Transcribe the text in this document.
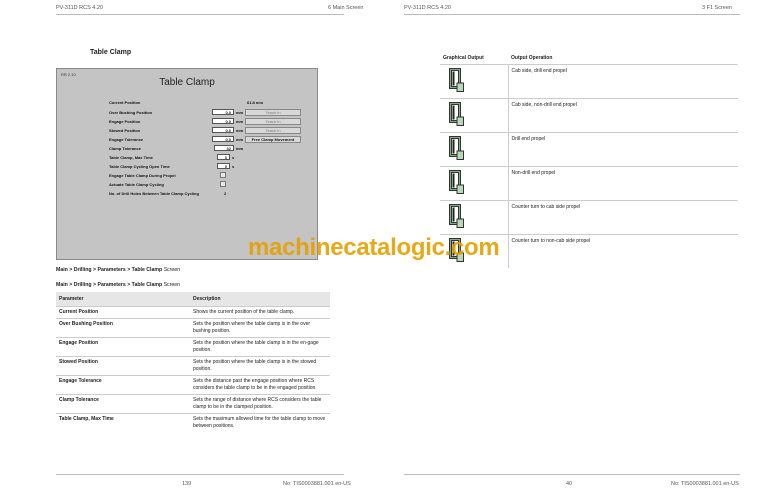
PV-311D RCS 4.20	6 Main Screen	PV-311D RCS 4.20	3 F1 Screen
Table Clamp
RR 2.10
Table Clamp
Current Position	61.8 mm
Over Bushing Position	0.0	mm	Teach In
Engage Position	0.0	mm	Teach In
Stowed Position	0.0	mm	Teach In
Engage Tolerance	0.0	mm	Free Clamp Movement
Clamp Tolerance	32	mm
Table Clamp, Max Time	0	s
Table Clamp Cycling Open Time	0	s
Engage Table Clamp During Propel
Actuate Table Clamp Cycling
No. of Drill Holes Between Table Clamp Cycling	2
Main > Drilling > Parameters > Table Clamp Screen
Main > Drilling > Parameters > Table Clamp Screen
Parameter	Description
Current Position	Shows the current position of the table clamp.
Over Bushing Position	Sets the position where the table clamp is in the over bushing position.
Engage Position	Sets the position where the table clamp is in the en-gage position.
Stowed Position	Sets the position where the table clamp is in the stowed position.
Engage Tolerance	Sets the distance past the engage position where RCS considers the table clamp to be in the engaged position.
Clamp Tolerance	Sets the range of distance where RCS considers the table clamp to be in the clamped position.
Table Clamp, Max Time	Sets the maximum allowed time for the table clamp to move between positions.
Graphical Output	Output Operation
	Cab side, drill end propel
	Cab side, non-drill end propel
	Drill end propel
	Non-drill end propel
	Counter turn to cab side propel
	Counter turn to non-cab side propel
machinecatalogic.com
139	No: TIS0003881.001 en-US	40	No: TIS0003881.001 en-US
